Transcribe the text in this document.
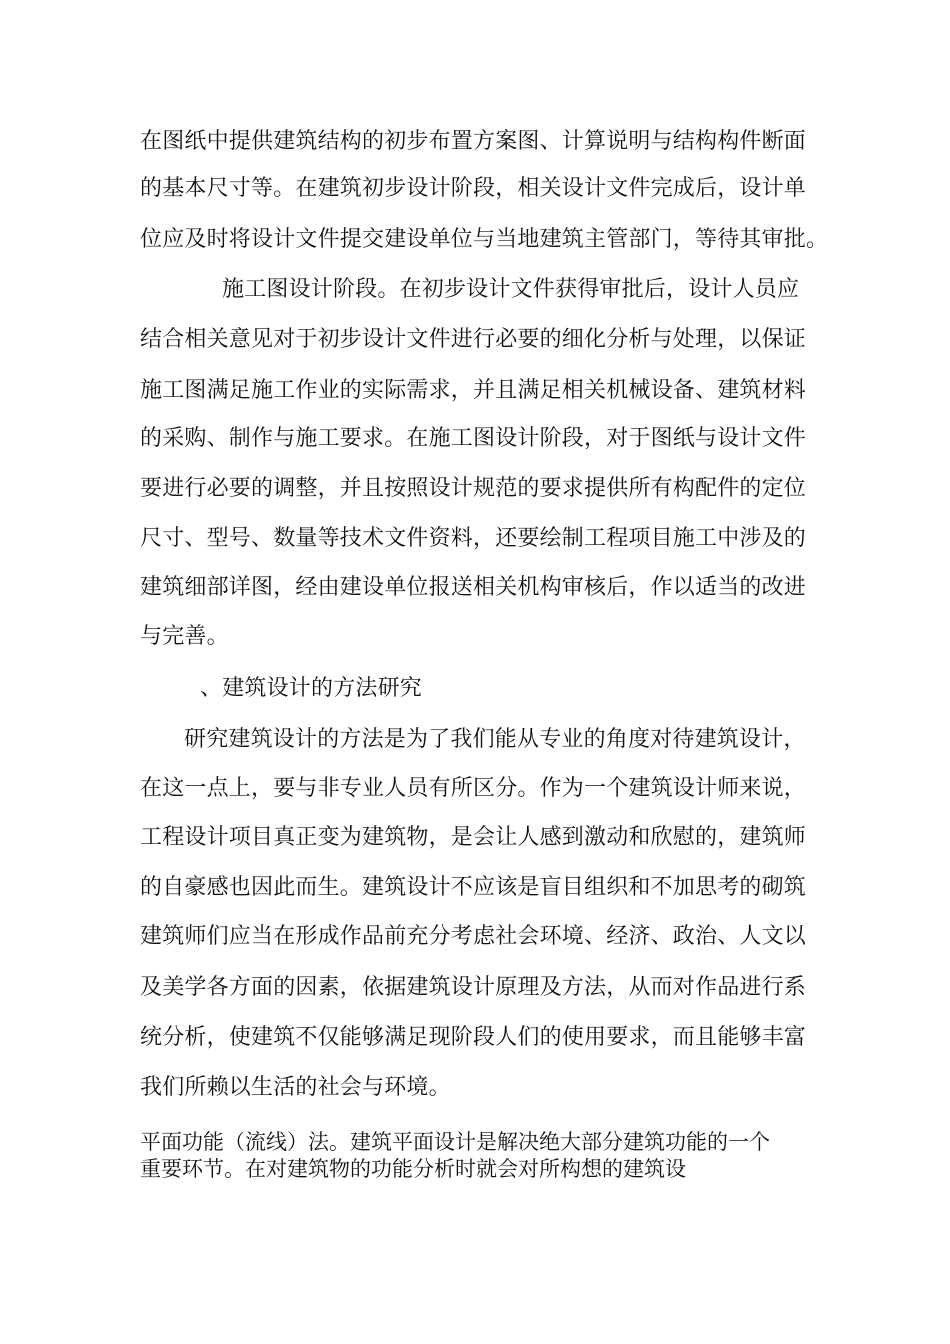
在图纸中提供建筑结构的初步布置方案图、计算说明与结构构件断面

的基本尺寸等。在建筑初步设计阶段，相关设计文件完成后，设计单

位应及时将设计文件提交建设单位与当地建筑主管部门，等待其审批。

施工图设计阶段。在初步设计文件获得审批后，设计人员应

结合相关意见对于初步设计文件进行必要的细化分析与处理，以保证

施工图满足施工作业的实际需求，并且满足相关机械设备、建筑材料

的采购、制作与施工要求。在施工图设计阶段，对于图纸与设计文件

要进行必要的调整，并且按照设计规范的要求提供所有构配件的定位

尺寸、型号、数量等技术文件资料，还要绘制工程项目施工中涉及的

建筑细部详图，经由建设单位报送相关机构审核后，作以适当的改进

与完善。

、建筑设计的方法研究

研究建筑设计的方法是为了我们能从专业的角度对待建筑设计，

在这一点上，要与非专业人员有所区分。作为一个建筑设计师来说，

工程设计项目真正变为建筑物，是会让人感到激动和欣慰的，建筑师

的自豪感也因此而生。建筑设计不应该是盲目组织和不加思考的砌筑

建筑师们应当在形成作品前充分考虑社会环境、经济、政治、人文以

及美学各方面的因素，依据建筑设计原理及方法，从而对作品进行系

统分析，使建筑不仅能够满足现阶段人们的使用要求，而且能够丰富

我们所赖以生活的社会与环境。

平面功能（流线）法。建筑平面设计是解决绝大部分建筑功能的一个

重要环节。在对建筑物的功能分析时就会对所构想的建筑设
